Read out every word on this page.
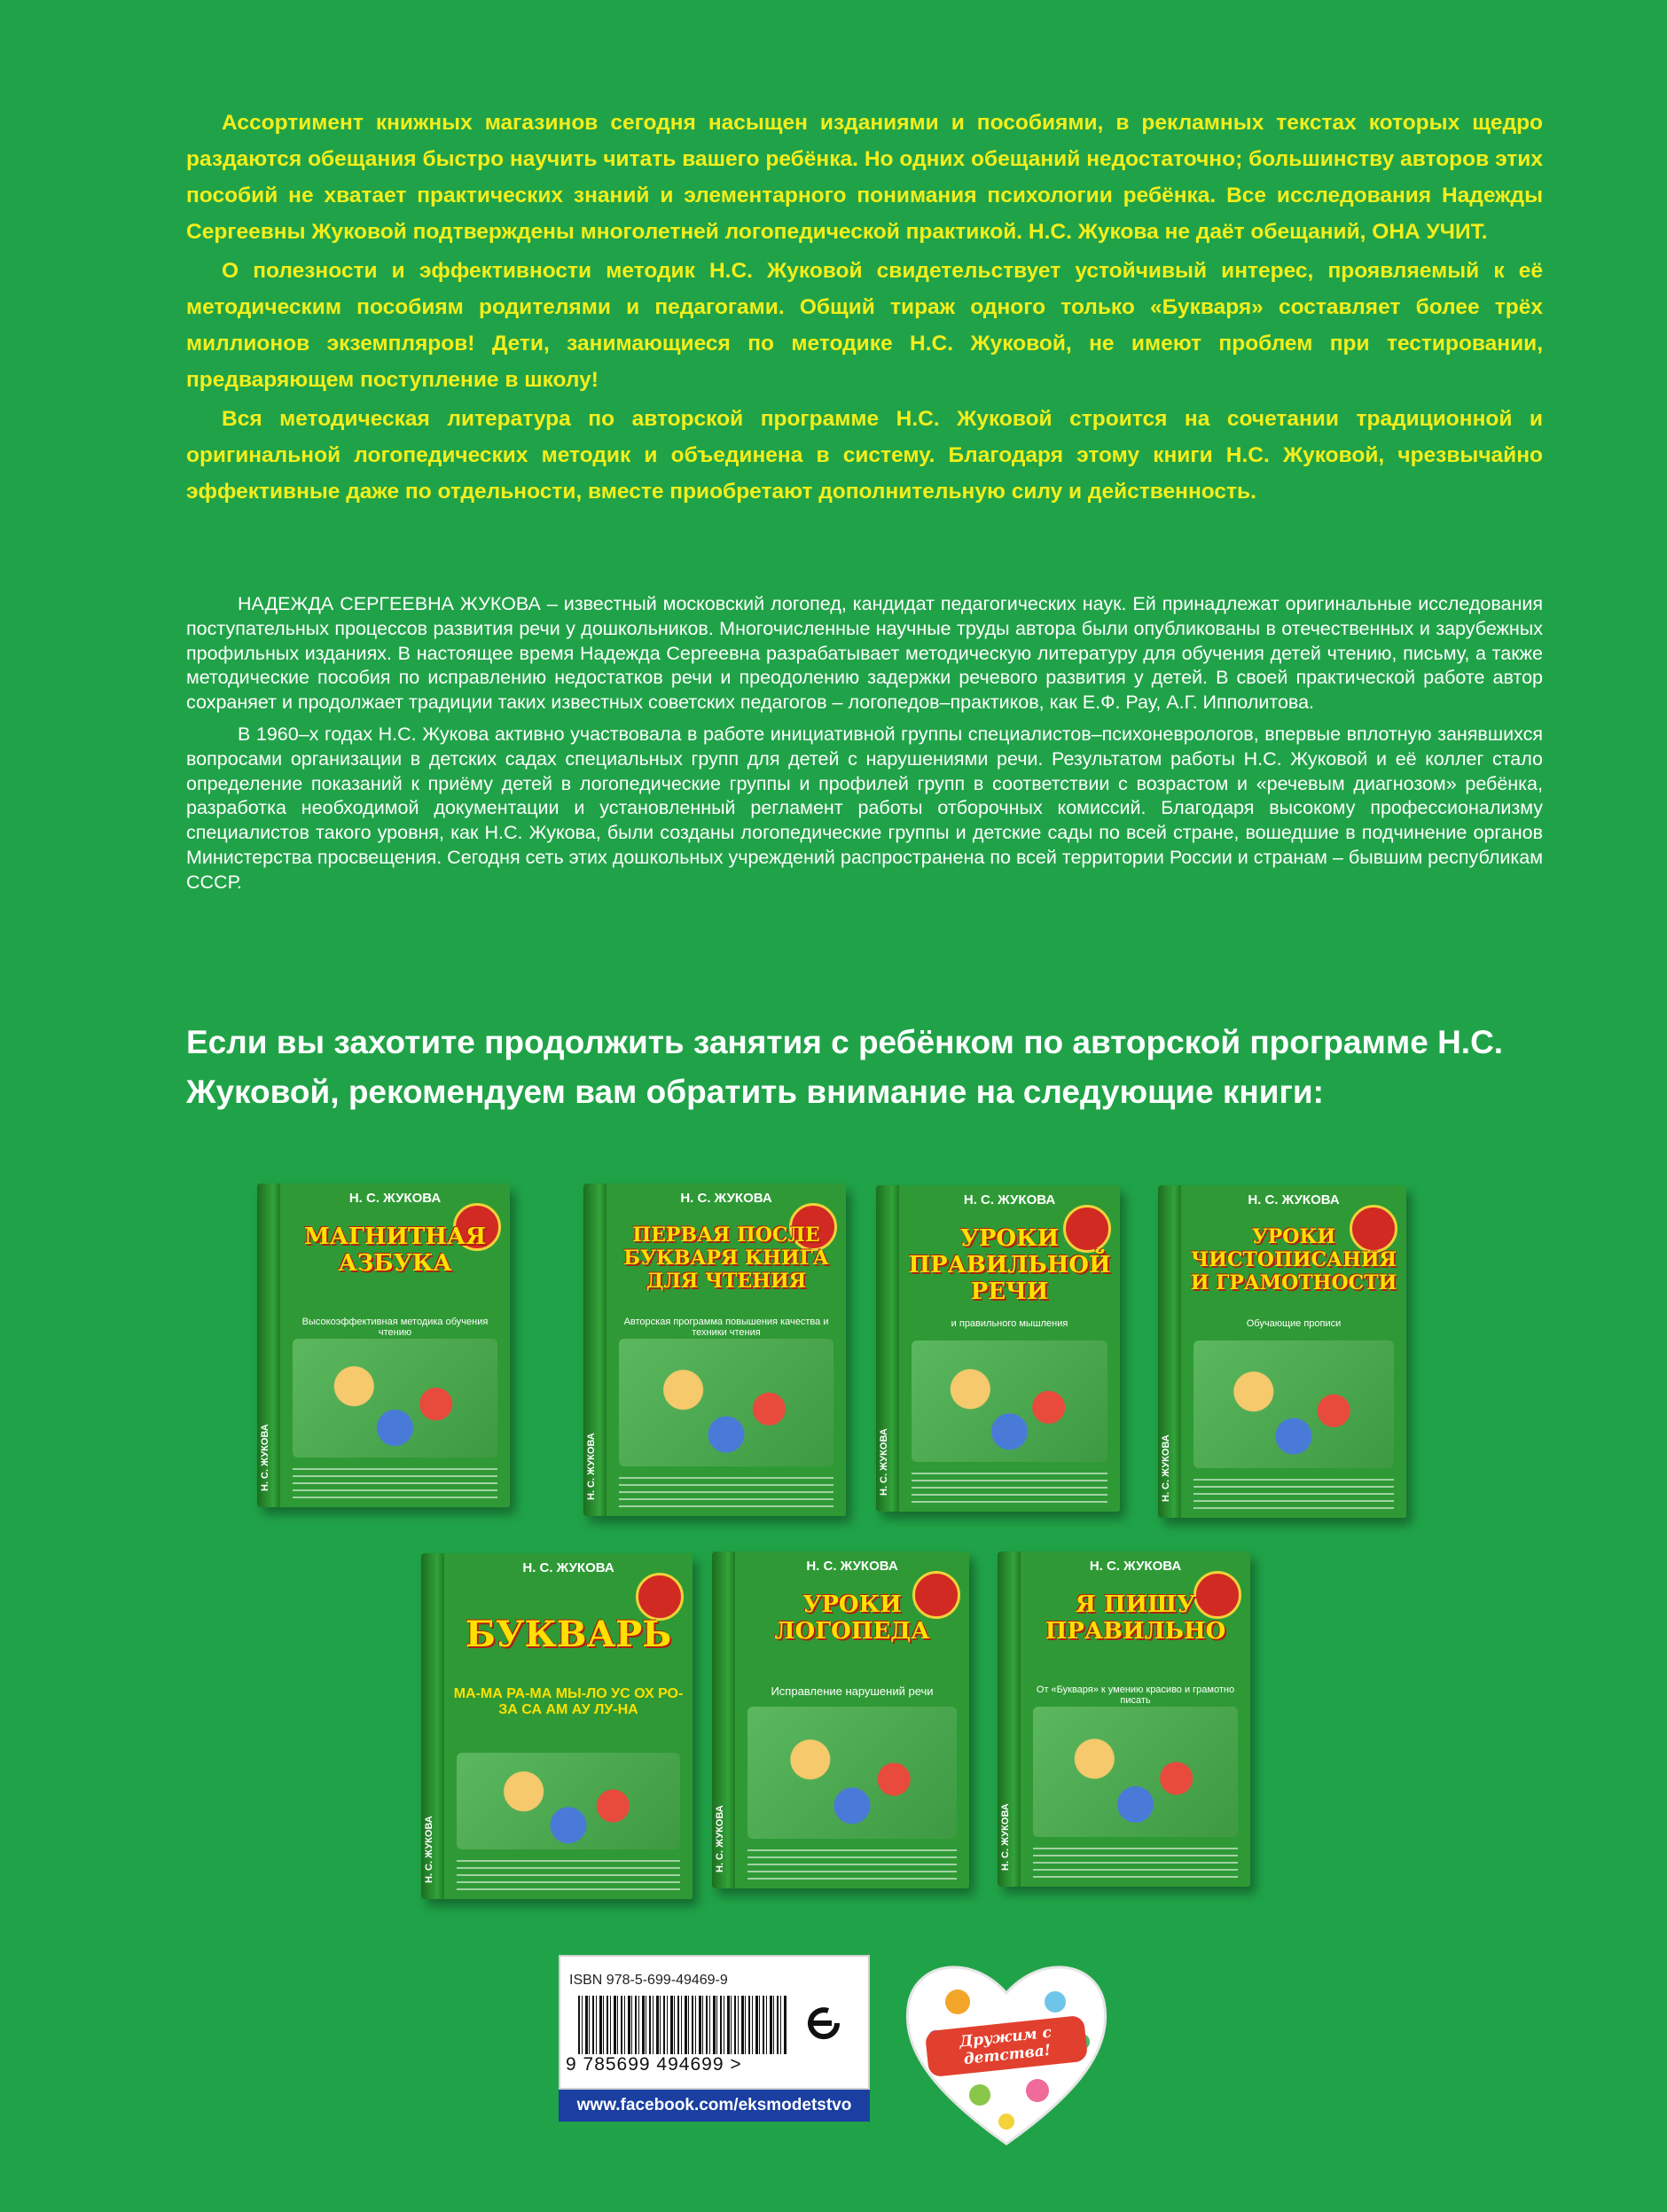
Ассортимент книжных магазинов сегодня насыщен изданиями и пособиями, в рекламных текстах которых щедро раздаются обещания быстро научить читать вашего ребёнка. Но одних обещаний недостаточно; большинству авторов этих пособий не хватает практических знаний и элементарного понимания психологии ребёнка. Все исследования Надежды Сергеевны Жуковой подтверждены многолетней логопедической практикой. Н.С. Жукова не даёт обещаний, ОНА УЧИТ.

О полезности и эффективности методик Н.С. Жуковой свидетельствует устойчивый интерес, проявляемый к её методическим пособиям родителями и педагогами. Общий тираж одного только «Букваря» составляет более трёх миллионов экземпляров! Дети, занимающиеся по методике Н.С. Жуковой, не имеют проблем при тестировании, предваряющем поступление в школу!

Вся методическая литература по авторской программе Н.С. Жуковой строится на сочетании традиционной и оригинальной логопедических методик и объединена в систему. Благодаря этому книги Н.С. Жуковой, чрезвычайно эффективные даже по отдельности, вместе приобретают дополнительную силу и действенность.

НАДЕЖДА СЕРГЕЕВНА ЖУКОВА – известный московский логопед, кандидат педагогических наук. Ей принадлежат оригинальные исследования поступательных процессов развития речи у дошкольников. Многочисленные научные труды автора были опубликованы в отечественных и зарубежных профильных изданиях. В настоящее время Надежда Сергеевна разрабатывает методическую литературу для обучения детей чтению, письму, а также методические пособия по исправлению недостатков речи и преодолению задержки речевого развития у детей. В своей практической работе автор сохраняет и продолжает традиции таких известных советских педагогов – логопедов–практиков, как Е.Ф. Рау, А.Г. Ипполитова.

В 1960–х годах Н.С. Жукова активно участвовала в работе инициативной группы специалистов–психоневрологов, впервые вплотную занявшихся вопросами организации в детских садах специальных групп для детей с нарушениями речи. Результатом работы Н.С. Жуковой и её коллег стало определение показаний к приёму детей в логопедические группы и профилей групп в соответствии с возрастом и «речевым диагнозом» ребёнка, разработка необходимой документации и установленный регламент работы отборочных комиссий. Благодаря высокому профессионализму специалистов такого уровня, как Н.С. Жукова, были созданы логопедические группы и детские сады по всей стране, вошедшие в подчинение органов Министерства просвещения. Сегодня сеть этих дошкольных учреждений распространена по всей территории России и странам – бывшим республикам СССР.

Если вы захотите продолжить занятия с ребёнком по авторской программе Н.С. Жуковой, рекомендуем вам обратить внимание на следующие книги:
Н. С. ЖУКОВА
Н. С. ЖУКОВА
МАГНИТНАЯ АЗБУКА
Высокоэффективная методика обучения чтению
Н. С. ЖУКОВА
Н. С. ЖУКОВА
ПЕРВАЯ ПОСЛЕ БУКВАРЯ КНИГА ДЛЯ ЧТЕНИЯ
Авторская программа повышения качества и техники чтения
Н. С. ЖУКОВА
Н. С. ЖУКОВА
УРОКИ ПРАВИЛЬНОЙ РЕЧИ
и правильного мышления
Н. С. ЖУКОВА
Н. С. ЖУКОВА
УРОКИ ЧИСТОПИСАНИЯ И ГРАМОТНОСТИ
Обучающие прописи
Н. С. ЖУКОВА
Н. С. ЖУКОВА
БУКВАРЬ
МА-МА РА-МА МЫ-ЛО УС ОХ РО-ЗА СА АМ АУ ЛУ-НА
Н. С. ЖУКОВА
Н. С. ЖУКОВА
УРОКИ ЛОГОПЕДА
Исправление нарушений речи
Н. С. ЖУКОВА
Н. С. ЖУКОВА
Я ПИШУ ПРАВИЛЬНО
От «Букваря» к умению красиво и грамотно писать
ISBN 978-5-699-49469-9
9 785699 494699 >
www.facebook.com/eksmodetstvo
Дружим с детства!
